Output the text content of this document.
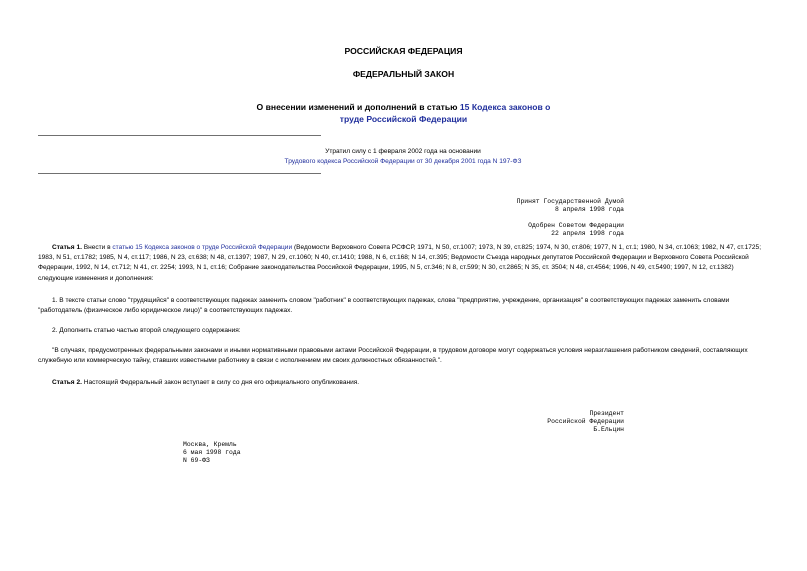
РОССИЙСКАЯ ФЕДЕРАЦИЯ
ФЕДЕРАЛЬНЫЙ ЗАКОН
О внесении изменений и дополнений в статью 15 Кодекса законов о
труде Российской Федерации
Утратил силу с 1 февраля 2002 года на основании
Трудового кодекса Российской Федерации от 30 декабря 2001 года N 197-ФЗ
Принят Государственной Думой
8 апреля 1998 года
Одобрен Советом Федерации
22 апреля 1998 года
Статья 1. Внести в статью 15 Кодекса законов о труде Российской Федерации (Ведомости Верховного Совета РСФСР, 1971, N 50, ст.1007; 1973, N 39, ст.825; 1974, N 30, ст.806; 1977, N 1, ст.1; 1980, N 34, ст.1063; 1982, N 47, ст.1725; 1983, N 51, ст.1782; 1985, N 4, ст.117; 1986, N 23, ст.638; N 48, ст.1397; 1987, N 29, ст.1060; N 40, ст.1410; 1988, N 6, ст.168; N 14, ст.395; Ведомости Съезда народных депутатов Российской Федерации и Верховного Совета Российской Федерации, 1992, N 14, ст.712; N 41, ст. 2254; 1993, N 1, ст.16; Собрание законодательства Российской Федерации, 1995, N 5, ст.346; N 8, ст.599; N 30, ст.2865; N 35, ст. 3504; N 48, ст.4564; 1996, N 49, ст.5490; 1997, N 12, ст.1382) следующие изменения и дополнения:
1. В тексте статьи слово "трудящийся" в соответствующих падежах заменить словом "работник" в соответствующих падежах, слова "предприятие, учреждение, организация" в соответствующих падежах заменить словами "работодатель (физическое либо юридическое лицо)" в соответствующих падежах.
2. Дополнить статью частью второй следующего содержания:
"В случаях, предусмотренных федеральными законами и иными нормативными правовыми актами Российской Федерации, в трудовом договоре могут содержаться условия неразглашения работником сведений, составляющих служебную или коммерческую тайну, ставших известными работнику в связи с исполнением им своих должностных обязанностей.".
Статья 2. Настоящий Федеральный закон вступает в силу со дня его официального опубликования.
Президент
Российской Федерации
Б.Ельцин
Москва, Кремль
6 мая 1998 года
N 69-ФЗ
